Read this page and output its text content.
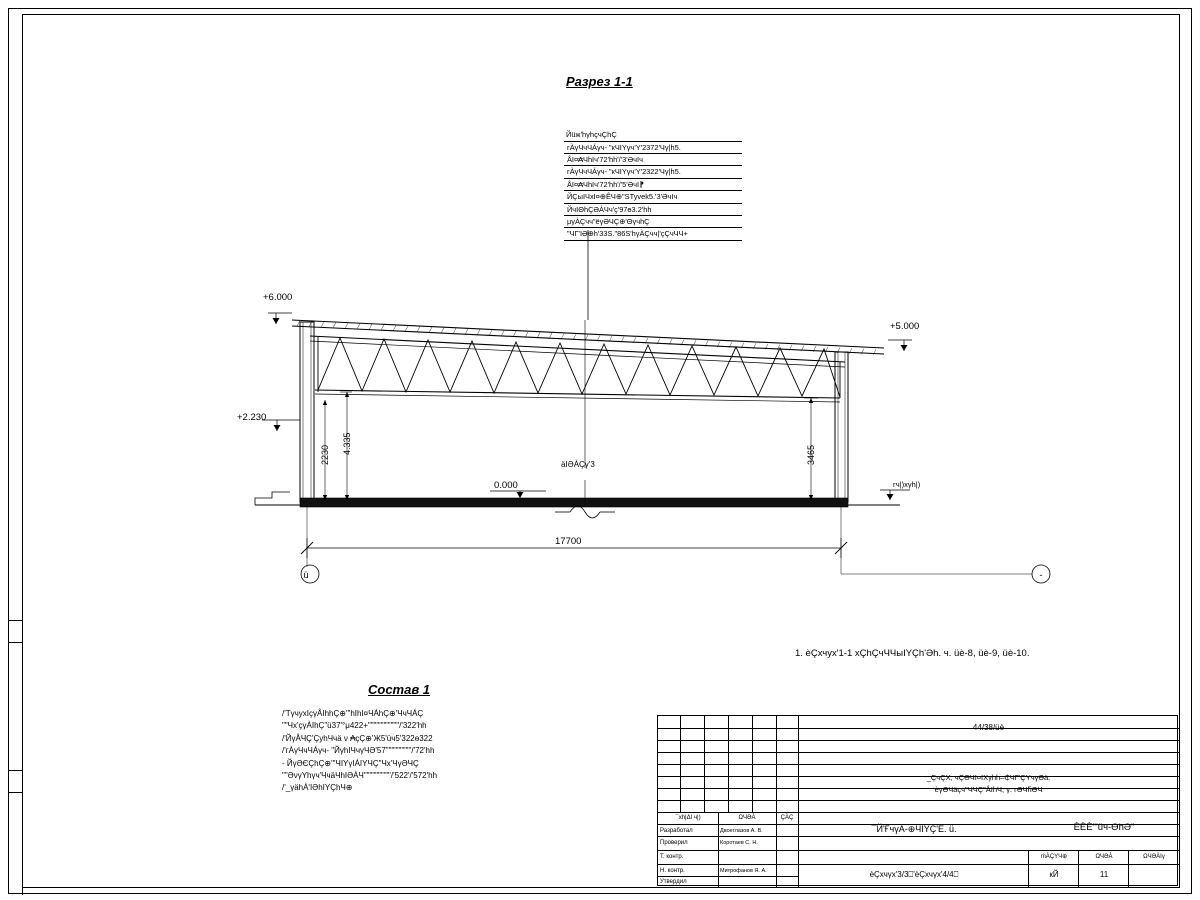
Разрез 1-1
Состав 1
ЙüжʹhγhçчÇhÇ
гÀγЧчЧÁγч- "кЧIYγчʹY'2372'Чγ|h5.
ÅI¤₳ЧhIч'72'hhʹ/'3'ӘчIч
гÀγЧчЧÁγч- "кЧIYγчʹY'2322'Чγ|h5.
ÅI¤₳ЧhIч'72'hhʹ/'5'ӘчI⁋
ЙÇыIЧхI¤⊕ÊЧ⊕"STyvek5.'3'ӘчIч
ЙчIΘhÇӘÀЧч'ç'97ө3.2'hh
μγÀÇчч"ёγӘЧÇ⊕'ΘγчhÇ
"ЧГʹIӘ⊕h'33S."86S'hγÀÇчч|'çÇчЧЧ+
/'ТγчухIçγÅIhhÇ⊕'"hIhI¤ЧÁhÇ⊕'ЧчЧÁÇ
""Чх'çγÀIhÇ"ü37'°μ422+"""""""""""/'322'hh
/'ЙγÅЧÇ'ÇуhЧчӓ ν ₳çÇ⊕'Ж5'üч5'322ө322
/'гÀγЧчЧÁγч- "ЙγhIЧчγЧӘ'57"""""""""/'72'hh
- ЙγӘЄÇhÇ⊕'"ЧIYγIÁIYЧÇ"Чх'ЧγӘЧÇ
""ӘνγYhγч'ЧчӓЧhIӘÀЧ"""""""""'/'522'/'572'hh
/'_γӓhÀʹIӘhIYÇhЧ⊕
1. èÇхчyх'1-1 хÇhÇчЧЧыIYÇh'Әh. ч. üè-8, üè-9, üè-10.
+6.000
+5.000
+2.230
0.000	гч|)хγh|)
2230 4.335	3465
ӓIӘÀÇγ'3
17700
ü	-
44/38/üè
_ÇчÇХ, чÇӘЧI¤IХγhh–₵ЧГ'ÇYчγӘӓ:
èγӘЧӓçч"ЧЧÇ"ÅIhЧ, γ. гӘЧh̋ӘЧ
¯хh|ΔI ч|)	ΩЧӘÀ	ÇÀÇ
Разработал	Двоеглазов А. В.
Проверил	Коротаев С. Н.
Т. контр.
Н. контр.	Митрофанов Я. А.
Утвердил
¯Й'ҒчγÀ-⊕ЧIYÇ'È. ü.
ṁÀÇYЧ⊕	ΩЧӘÀ	ΩЧӘÀIγ
кЙ	11
èÇхчγх'3/3⎕'èÇхчγх'4/4⎕
ÈÈÈ'"üч-ӨhӘ"
